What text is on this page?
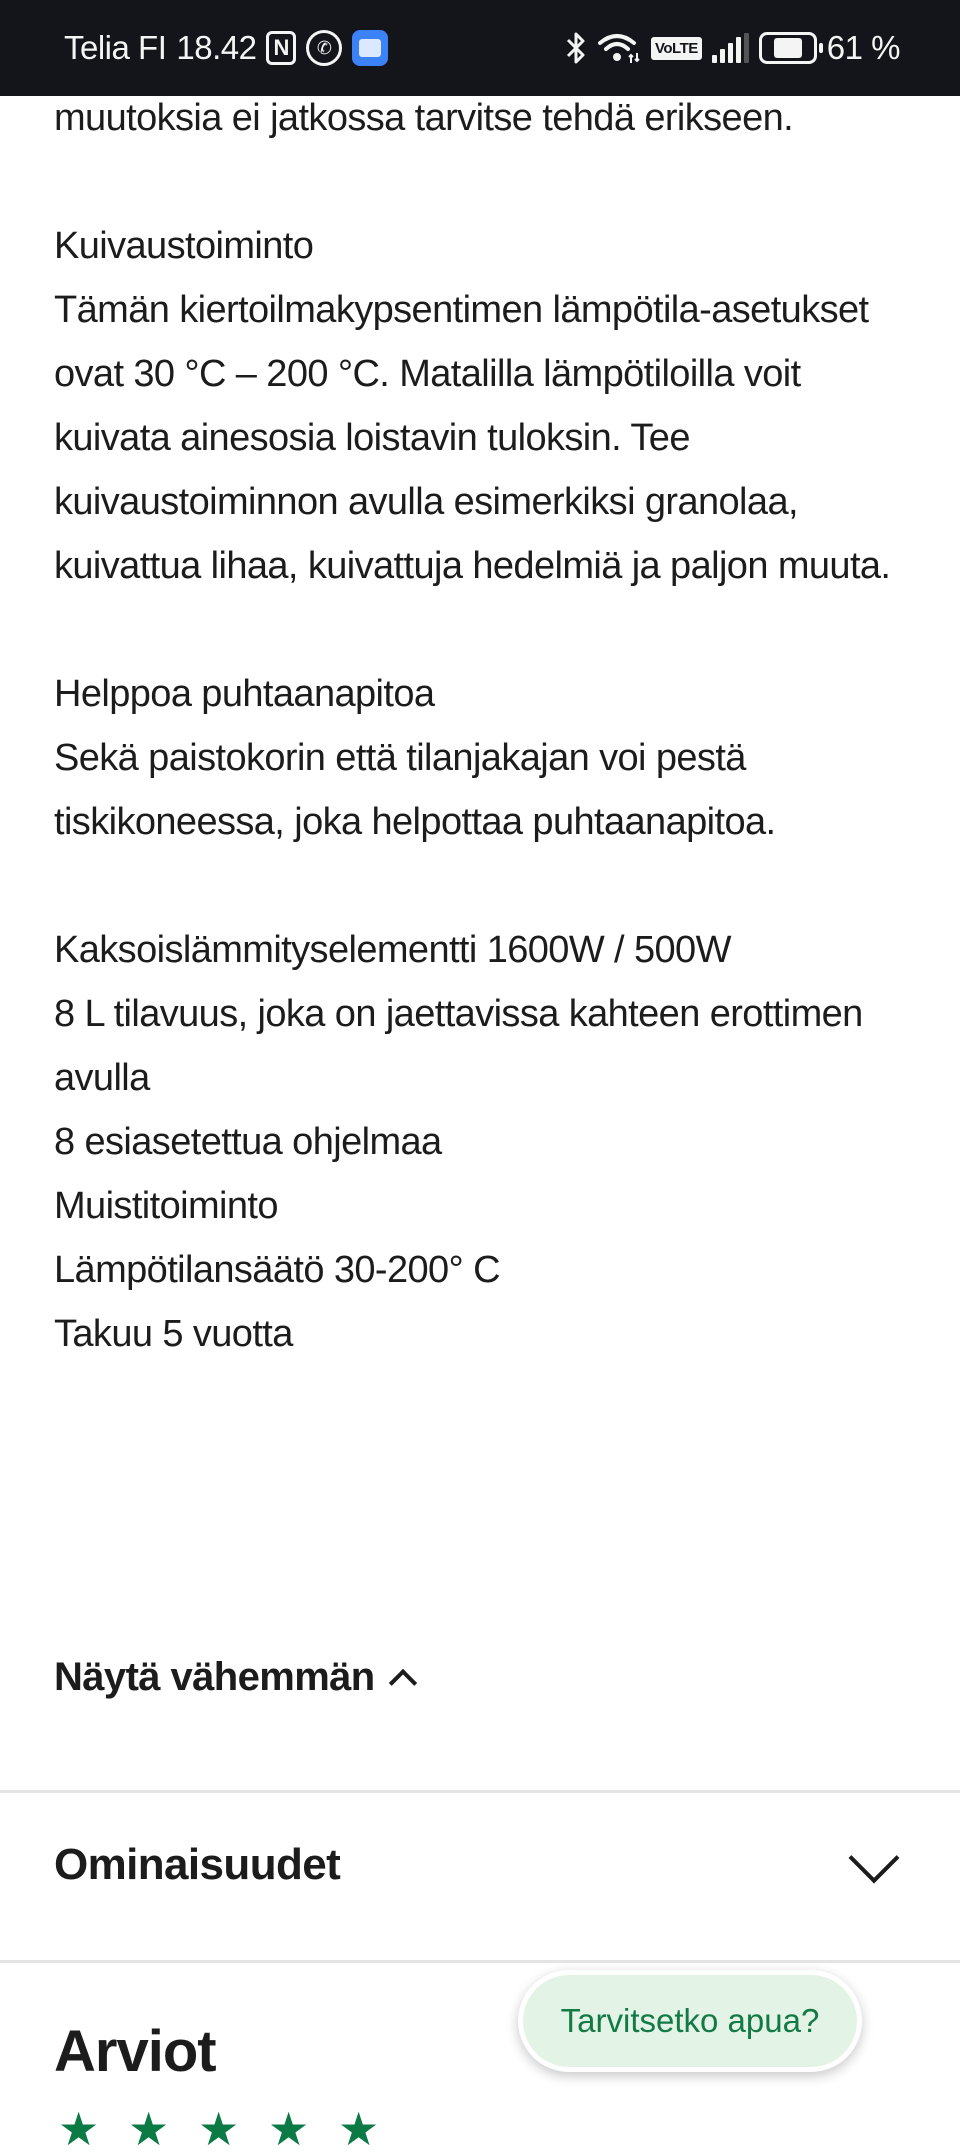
Telia FI 18.42 N	✆	VoLTE	61 %

muutoksia ei jatkossa tarvitse tehdä erikseen.

Kuivaustoiminto

Tämän kiertoilmakypsentimen lämpötila-asetukset ovat 30 °C – 200 °C. Matalilla lämpötiloilla voit kuivata ainesosia loistavin tuloksin. Tee kuivaustoiminnon avulla esimerkiksi granolaa, kuivattua lihaa, kuivattuja hedelmiä ja paljon muuta.

Helppoa puhtaanapitoa

Sekä paistokorin että tilanjakajan voi pestä tiskikoneessa, joka helpottaa puhtaanapitoa.

Kaksoislämmityselementti 1600W / 500W

8 L tilavuus, joka on jaettavissa kahteen erottimen avulla

8 esiasetettua ohjelmaa

Muistitoiminto

Lämpötilansäätö 30-200° C

Takuu 5 vuotta

Näytä vähemmän
Ominaisuudet
Arviot
★ ★ ★ ★ ★
Tarvitsetko apua?
